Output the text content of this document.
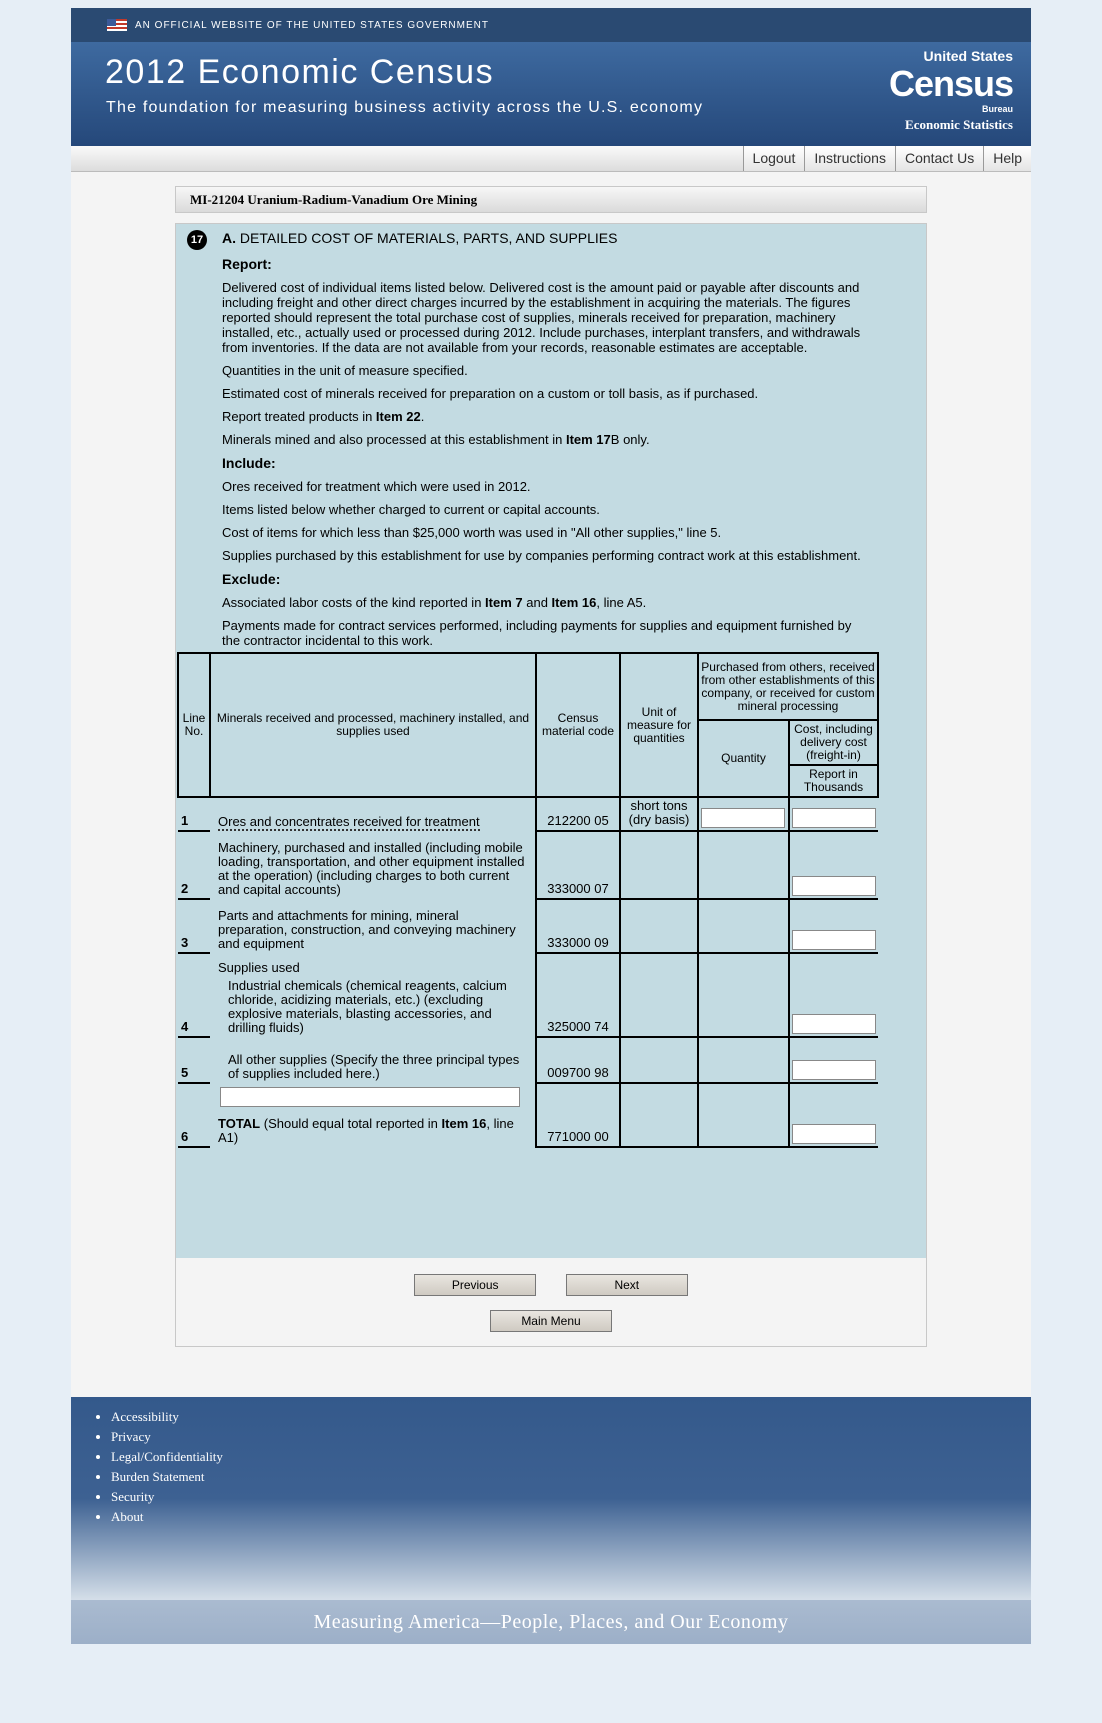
AN OFFICIAL WEBSITE OF THE UNITED STATES GOVERNMENT
2012 Economic Census
The foundation for measuring business activity across the U.S. economy
United States
Census
Bureau
Economic Statistics
Logout	Instructions	Contact Us	Help
MI-21204 Uranium-Radium-Vanadium Ore Mining
17 A. DETAILED COST OF MATERIALS, PARTS, AND SUPPLIES
Report:

Delivered cost of individual items listed below. Delivered cost is the amount paid or payable after discounts and including freight and other direct charges incurred by the establishment in acquiring the materials. The figures reported should represent the total purchase cost of supplies, minerals received for preparation, machinery installed, etc., actually used or processed during 2012. Include purchases, interplant transfers, and withdrawals from inventories. If the data are not available from your records, reasonable estimates are acceptable.

Quantities in the unit of measure specified.

Estimated cost of minerals received for preparation on a custom or toll basis, as if purchased.

Report treated products in Item 22.

Minerals mined and also processed at this establishment in Item 17B only.

Include:

Ores received for treatment which were used in 2012.

Items listed below whether charged to current or capital accounts.

Cost of items for which less than $25,000 worth was used in "All other supplies," line 5.

Supplies purchased by this establishment for use by companies performing contract work at this establishment.

Exclude:

Associated labor costs of the kind reported in Item 7 and Item 16, line A5.

Payments made for contract services performed, including payments for supplies and equipment furnished by the contractor incidental to this work.

Line No.	Minerals received and processed, machinery installed, and supplies used	Census material code	Unit of measure for quantities	Purchased from others, received from other establishments of this company, or received for custom mineral processing	
				Quantity	Cost, including delivery cost (freight-in)
					Report in Thousands
1	Ores and concentrates received for treatment	212200 05	short tons (dry basis)	

2	Machinery, purchased and installed (including mobile loading, transportation, and other equipment installed at the operation) (including charges to both current and capital accounts)	333000 07			

3	Parts and attachments for mining, mineral preparation, construction, and conveying machinery and equipment	333000 09			

4	Supplies used
Industrial chemicals (chemical reagents, calcium chloride, acidizing materials, etc.) (excluding explosive materials, blasting accessories, and drilling fluids)	325000 74			

5	All other supplies (Specify the three principal types of supplies included here.)	009700 98			

6	TOTAL (Should equal total reported in Item 16, line A1)	771000 00			
Previous	Next
Main Menu
• Accessibility
• Privacy
• Legal/Confidentiality
• Burden Statement
• Security
• About
Measuring America—People, Places, and Our Economy
